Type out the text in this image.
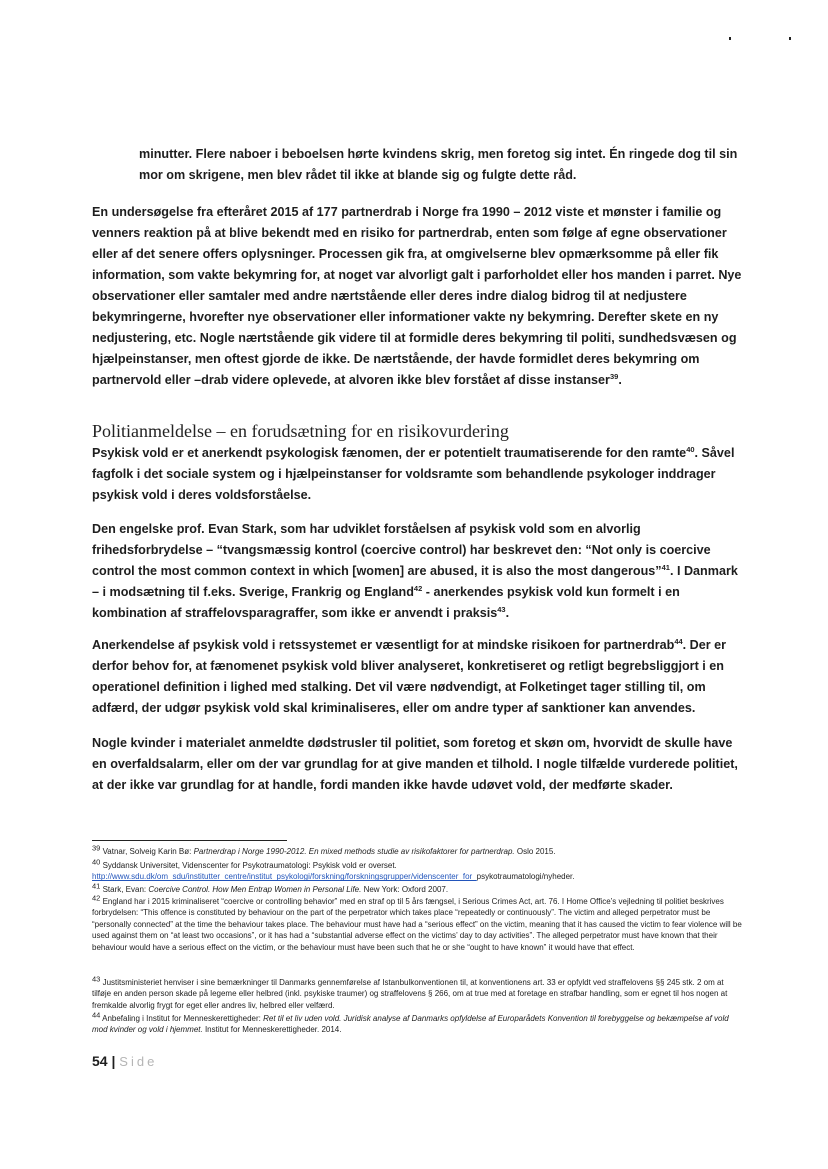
minutter. Flere naboer i beboelsen hørte kvindens skrig, men foretog sig intet. Én ringede dog til sin
mor om skrigene, men blev rådet til ikke at blande sig og fulgte dette råd.
En undersøgelse fra efteråret 2015 af 177 partnerdrab i Norge fra 1990 – 2012 viste et mønster i familie og venners reaktion på at blive bekendt med en risiko for partnerdrab, enten som følge af egne observationer eller af det senere offers oplysninger. Processen gik fra, at omgivelserne blev opmærksomme på eller fik information, som vakte bekymring for, at noget var alvorligt galt i parforholdet eller hos manden i parret. Nye observationer eller samtaler med andre nærtstående eller deres indre dialog bidrog til at nedjustere bekymringerne, hvorefter nye observationer eller informationer vakte ny bekymring. Derefter skete en ny nedjustering, etc. Nogle nærtstående gik videre til at formidle deres bekymring til politi, sundhedsvæsen og hjælpeinstanser, men oftest gjorde de ikke. De nærtstående, der havde formidlet deres bekymring om partnervold eller –drab videre oplevede, at alvoren ikke blev forstået af disse instanser$^{39}$.
Politianmeldelse – en forudsætning for en risikovurdering
Psykisk vold er et anerkendt psykologisk fænomen, der er potentielt traumatiserende for den ramte$^{40}$. Såvel fagfolk i det sociale system og i hjælpeinstanser for voldsramte som behandlende psykologer inddrager psykisk vold i deres voldsforståelse.
Den engelske prof. Evan Stark, som har udviklet forståelsen af psykisk vold som en alvorlig frihedsforbrydelse – “tvangsmæssig kontrol (coercive control) har beskrevet den: “Not only is coercive control the most common context in which [women] are abused, it is also the most dangerous”$^{41}$. I Danmark – i modsætning til f.eks. Sverige, Frankrig og England$^{42}$ - anerkendes psykisk vold kun formelt i en kombination af straffelovsparagraffer, som ikke er anvendt i praksis$^{43}$.
Anerkendelse af psykisk vold i retssystemet er væsentligt for at mindske risikoen for partnerdrab$^{44}$. Der er derfor behov for, at fænomenet psykisk vold bliver analyseret, konkretiseret og retligt begrebsliggjort i en operationel definition i lighed med stalking. Det vil være nødvendigt, at Folketinget tager stilling til, om adfærd, der udgør psykisk vold skal kriminaliseres, eller om andre typer af sanktioner kan anvendes.
Nogle kvinder i materialet anmeldte dødstrusler til politiet, som foretog et skøn om, hvorvidt de skulle have en overfaldsalarm, eller om der var grundlag for at give manden et tilhold. I nogle tilfælde vurderede politiet, at der ikke var grundlag for at handle, fordi manden ikke havde udøvet vold, der medførte skader.
$^{39}$ Vatnar, Solveig Karin Bø: Partnerdrap i Norge 1990-2012. En mixed methods studie av risikofaktorer for partnerdrap. Oslo 2015.
$^{40}$ Syddansk Universitet, Videnscenter for Psykotraumatologi: Psykisk vold er overset.
http://www.sdu.dk/om_sdu/institutter_centre/institut_psykologi/forskning/forskningsgrupper/videnscenter_for_psykotraumatologi/nyheder.
$^{41}$ Stark, Evan: Coercive Control. How Men Entrap Women in Personal Life. New York: Oxford 2007.
$^{42}$ England har i 2015 kriminaliseret “coercive or controlling behavior” med en straf op til 5 års fængsel, i Serious Crimes Act, art. 76. I Home Office’s vejledning til politiet beskrives forbrydelsen: “This offence is constituted by behaviour on the part of the perpetrator which takes place “repeatedly or continuously”. The victim and alleged perpetrator must be “personally connected” at the time the behaviour takes place. The behaviour must have had a “serious effect” on the victim, meaning that it has caused the victim to fear violence will be used against them on “at least two occasions”, or it has had a “substantial adverse effect on the victims’ day to day activities”. The alleged perpetrator must have known that their behaviour would have a serious effect on the victim, or the behaviour must have been such that he or she “ought to have known” it would have that effect.
$^{43}$ Justitsministeriet henviser i sine bemærkninger til Danmarks gennemførelse af Istanbulkonventionen til, at konventionens art. 33 er opfyldt ved straffelovens §§ 245 stk. 2 om at tilføje en anden person skade på legeme eller helbred (inkl. psykiske traumer) og straffelovens § 266, om at true med at foretage en strafbar handling, som er egnet til hos nogen at fremkalde alvorlig frygt for eget eller andres liv, helbred eller velfærd.
$^{44}$ Anbefaling i Institut for Menneskerettigheder: Ret til et liv uden vold. Juridisk analyse af Danmarks opfyldelse af Europarådets Konvention til forebyggelse og bekæmpelse af vold mod kvinder og vold i hjemmet. Institut for Menneskerettigheder. 2014.
54 | Side
